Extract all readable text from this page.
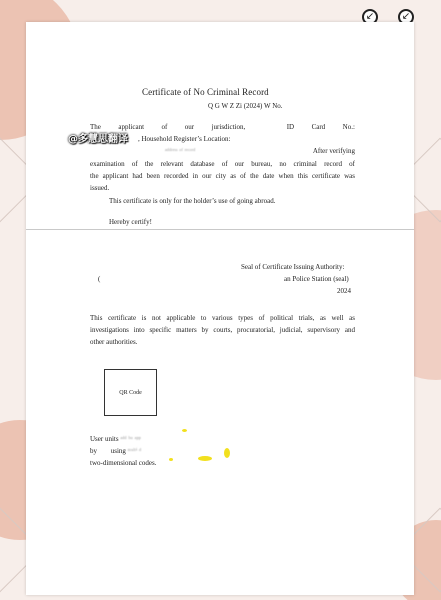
↙	↙
Certificate of No Criminal Record
Q G W Z Zi (2024) W No.
The applicant of our jurisdiction,	ID Card No.:
, Household Register’s Location:
ᵃᵈᵈʳᵉˢˢ ᵒᶠ ʳᵉᶜᵒʳᵈ	After verifying
examination of the relevant database of our bureau, no criminal record of
the applicant had been recorded in our city as of the date when this certificate was
issued.
This certificate is only for the holder’s use of going abroad.
Hereby certify!
(
Seal of Certificate Issuing Authority:
an Police Station (seal)
2024
This certificate is not applicable to various types of political trials, as well as
investigations into specific matters by courts, procuratorial, judicial, supervisory and
other authorities.
QR Code
User units ᵃᵈᵈ ᵇᵘ ᵃᵖᵖ
by using ᵐᵘˡᵗⁱ ᵈ
two-dimensional codes.
@多慧思翻译
